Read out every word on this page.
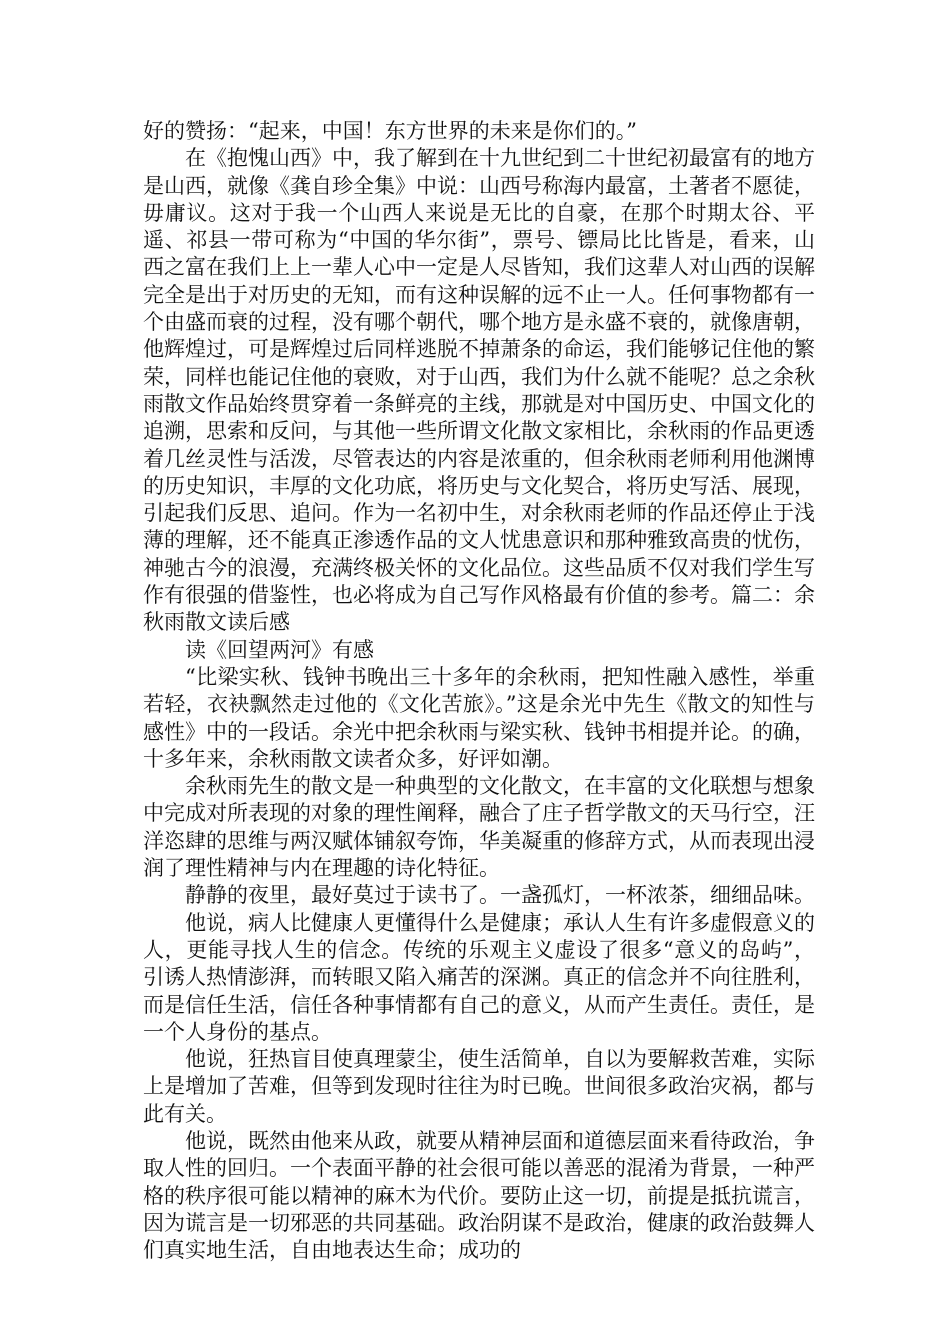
好的赞扬：“起来，中国！东方世界的未来是你们的。”

在《抱愧山西》中，我了解到在十九世纪到二十世纪初最富有的地方是山西，就像《龚自珍全集》中说：山西号称海内最富，土著者不愿徒，毋庸议。这对于我一个山西人来说是无比的自豪，在那个时期太谷、平遥、祁县一带可称为“中国的华尔街”，票号、镖局比比皆是，看来，山西之富在我们上上一辈人心中一定是人尽皆知，我们这辈人对山西的误解完全是出于对历史的无知，而有这种误解的远不止一人。任何事物都有一个由盛而衰的过程，没有哪个朝代，哪个地方是永盛不衰的，就像唐朝，他辉煌过，可是辉煌过后同样逃脱不掉萧条的命运，我们能够记住他的繁荣，同样也能记住他的衰败，对于山西，我们为什么就不能呢？总之余秋雨散文作品始终贯穿着一条鲜亮的主线，那就是对中国历史、中国文化的追溯，思索和反问，与其他一些所谓文化散文家相比，余秋雨的作品更透着几丝灵性与活泼，尽管表达的内容是浓重的，但余秋雨老师利用他渊博的历史知识，丰厚的文化功底，将历史与文化契合，将历史写活、展现，引起我们反思、追问。作为一名初中生，对余秋雨老师的作品还停止于浅薄的理解，还不能真正渗透作品的文人忧患意识和那种雅致高贵的忧伤，神驰古今的浪漫，充满终极关怀的文化品位。这些品质不仅对我们学生写作有很强的借鉴性，也必将成为自己写作风格最有价值的参考。篇二：余秋雨散文读后感

读《回望两河》有感

“比梁实秋、钱钟书晚出三十多年的余秋雨，把知性融入感性，举重若轻，衣袂飘然走过他的《文化苦旅》。”这是余光中先生《散文的知性与感性》中的一段话。余光中把余秋雨与梁实秋、钱钟书相提并论。的确，十多年来，余秋雨散文读者众多，好评如潮。

余秋雨先生的散文是一种典型的文化散文，在丰富的文化联想与想象中完成对所表现的对象的理性阐释，融合了庄子哲学散文的天马行空，汪洋恣肆的思维与两汉赋体铺叙夸饰，华美凝重的修辞方式，从而表现出浸润了理性精神与内在理趣的诗化特征。

静静的夜里，最好莫过于读书了。一盏孤灯，一杯浓茶，细细品味。

他说，病人比健康人更懂得什么是健康；承认人生有许多虚假意义的人，更能寻找人生的信念。传统的乐观主义虚设了很多“意义的岛屿”，引诱人热情澎湃，而转眼又陷入痛苦的深渊。真正的信念并不向往胜利，而是信任生活，信任各种事情都有自己的意义，从而产生责任。责任，是一个人身份的基点。

他说，狂热盲目使真理蒙尘，使生活简单，自以为要解救苦难，实际上是增加了苦难，但等到发现时往往为时已晚。世间很多政治灾祸，都与此有关。

他说，既然由他来从政，就要从精神层面和道德层面来看待政治，争取人性的回归。一个表面平静的社会很可能以善恶的混淆为背景，一种严格的秩序很可能以精神的麻木为代价。要防止这一切，前提是抵抗谎言，因为谎言是一切邪恶的共同基础。政治阴谋不是政治，健康的政治鼓舞人们真实地生活，自由地表达生命；成功的
